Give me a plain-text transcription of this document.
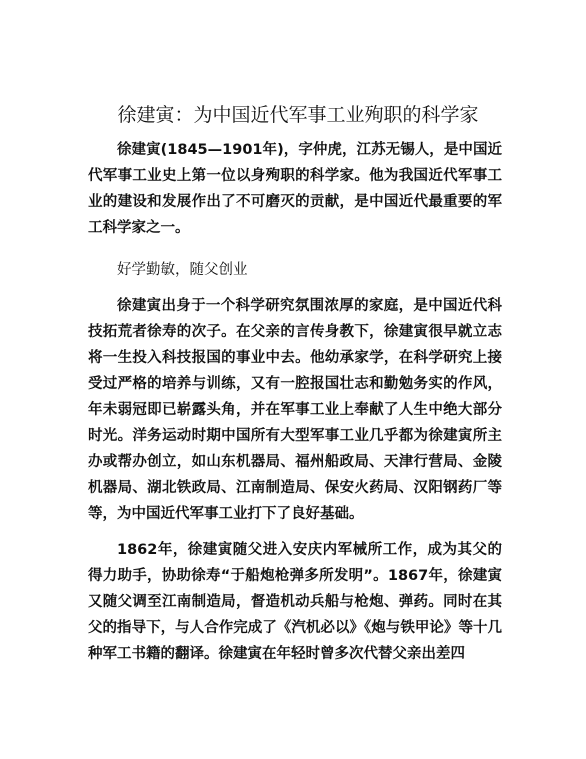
徐建寅：为中国近代军事工业殉职的科学家

徐建寅(1845—1901年)，字仲虎，江苏无锡人，是中国近代军事工业史上第一位以身殉职的科学家。他为我国近代军事工业的建设和发展作出了不可磨灭的贡献，是中国近代最重要的军工科学家之一。

好学勤敏，随父创业

徐建寅出身于一个科学研究氛围浓厚的家庭，是中国近代科技拓荒者徐寿的次子。在父亲的言传身教下，徐建寅很早就立志将一生投入科技报国的事业中去。他幼承家学，在科学研究上接受过严格的培养与训练，又有一腔报国壮志和勤勉务实的作风，年未弱冠即已崭露头角，并在军事工业上奉献了人生中绝大部分时光。洋务运动时期中国所有大型军事工业几乎都为徐建寅所主办或帮办创立，如山东机器局、福州船政局、天津行营局、金陵机器局、湖北铁政局、江南制造局、保安火药局、汉阳钢药厂等等，为中国近代军事工业打下了良好基础。

1862年，徐建寅随父进入安庆内军械所工作，成为其父的得力助手，协助徐寿“于船炮枪弹多所发明”。1867年，徐建寅又随父调至江南制造局，督造机动兵船与枪炮、弹药。同时在其父的指导下，与人合作完成了《汽机必以》《炮与铁甲论》等十几种军工书籍的翻译。徐建寅在年轻时曾多次代替父亲出差四
